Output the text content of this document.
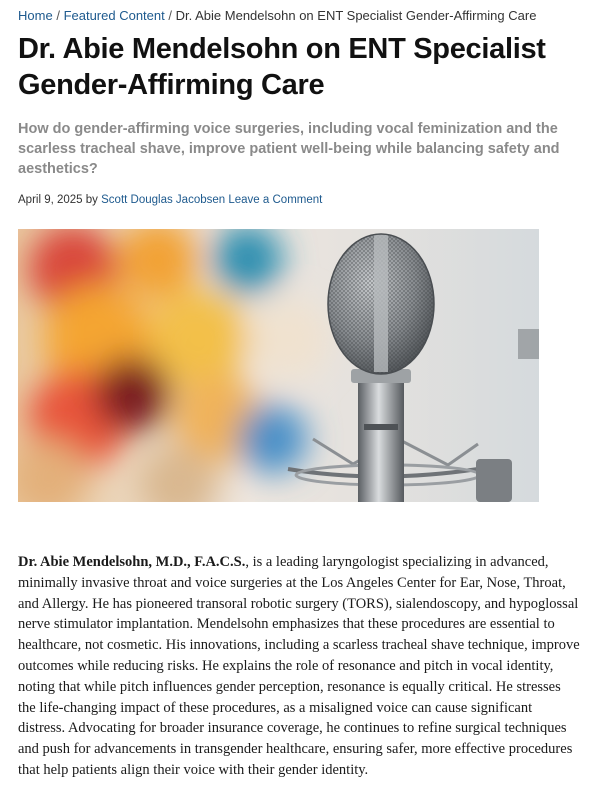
Home / Featured Content / Dr. Abie Mendelsohn on ENT Specialist Gender-Affirming Care
Dr. Abie Mendelsohn on ENT Specialist Gender-Affirming Care
How do gender-affirming voice surgeries, including vocal feminization and the scarless tracheal shave, improve patient well-being while balancing safety and aesthetics?
April 9, 2025 by Scott Douglas Jacobsen Leave a Comment
Dr. Abie Mendelsohn, M.D., F.A.C.S., is a leading laryngologist specializing in advanced, minimally invasive throat and voice surgeries at the Los Angeles Center for Ear, Nose, Throat, and Allergy. He has pioneered transoral robotic surgery (TORS), sialendoscopy, and hypoglossal nerve stimulator implantation. Mendelsohn emphasizes that these procedures are essential to healthcare, not cosmetic. His innovations, including a scarless tracheal shave technique, improve outcomes while reducing risks. He explains the role of resonance and pitch in vocal identity, noting that while pitch influences gender perception, resonance is equally critical. He stresses the life-changing impact of these procedures, as a misaligned voice can cause significant distress. Advocating for broader insurance coverage, he continues to refine surgical techniques and push for advancements in transgender healthcare, ensuring safer, more effective procedures that help patients align their voice with their gender identity.
